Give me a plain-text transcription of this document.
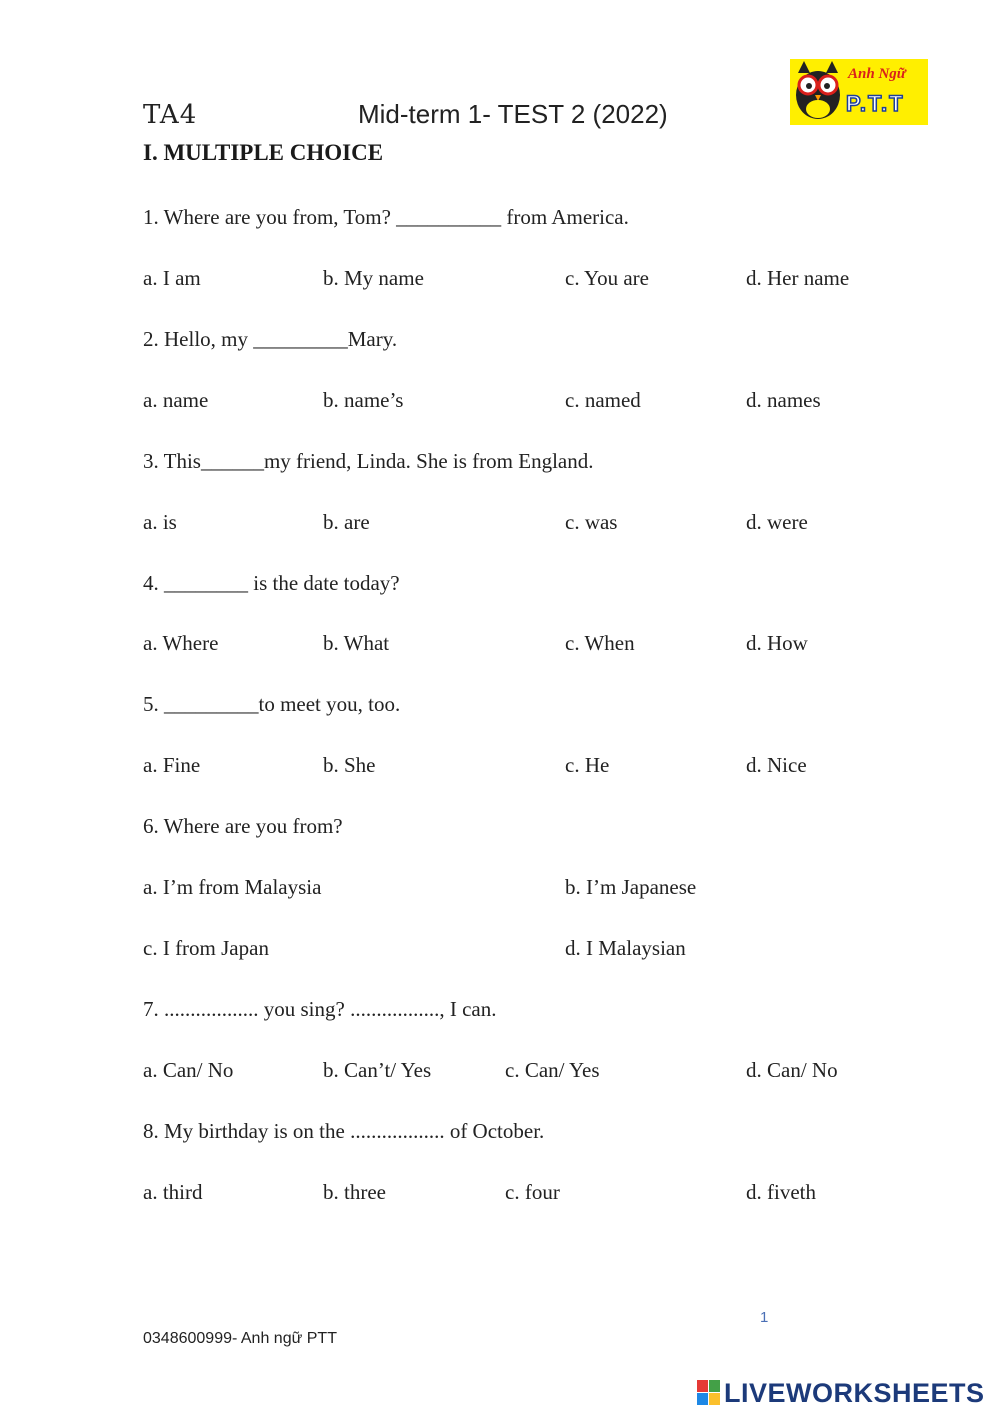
TA4	Mid-term 1- TEST 2 (2022)
Anh Ngữ
P.T.T
I. MULTIPLE CHOICE
1. Where are you from, Tom? __________ from America.
a. I am	b. My name	c. You are	d. Her name
2. Hello, my _________Mary.
a. name	b. name’s	c. named	d. names
3. This______my friend, Linda. She is from England.
a. is	b. are	c. was	d. were
4. ________ is the date today?
a. Where	b. What	c. When	d. How
5. _________to meet you, too.
a. Fine	b. She	c. He	d. Nice
6. Where are you from?
a. I’m from Malaysia	b. I’m Japanese
c. I from Japan	d. I Malaysian
7. .................. you sing? ................., I can.
a. Can/ No	b. Can’t/ Yes	c. Can/ Yes	d. Can/ No
8. My birthday is on the .................. of October.
a. third	b. three	c. four	d. fiveth
1
0348600999- Anh ngữ PTT
LIVEWORKSHEETS
